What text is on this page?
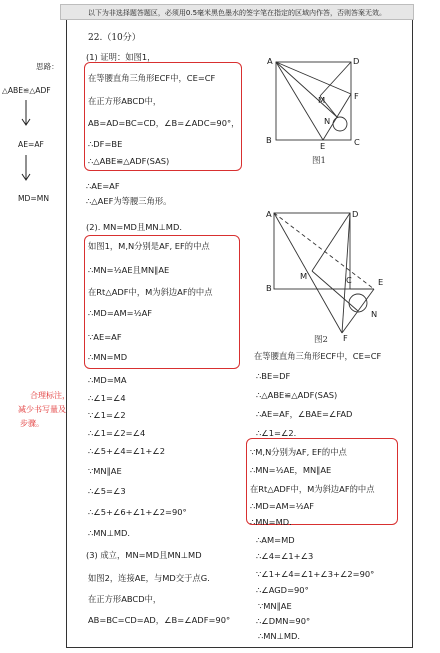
以下为非选择题答题区，必须用0.5毫米黑色墨水的签字笔在指定的区域内作答，否则答案无效。
思路：
△ABE≌△ADF
AE=AF
MD=MN
合理标注，
减少书写量及
步骤。
22.（10分）
(1) 证明：如图1，
在等腰直角三角形ECF中，CE=CF
在正方形ABCD中，
AB=AD=BC=CD，∠B=∠ADC=90°，
∴DF=BE
∴△ABE≌△ADF(SAS)
∴AE=AF
∴△AEF为等腰三角形。
(2). MN=MD且MN⊥MD.
如图1，M,N分别是AF, EF的中点
∴MN=½AE且MN∥AE
在Rt△ADF中，M为斜边AF的中点
∴MD=AM=½AF
∵AE=AF
∴MN=MD
∴MD=MA
∴∠1=∠4
∵∠1=∠2
∴∠1=∠2=∠4
∴∠5+∠4=∠1+∠2
∵MN∥AE
∴∠5=∠3
∴∠5+∠6+∠1+∠2=90°
∴MN⊥MD.
(3) 成立，MN=MD且MN⊥MD
如图2，连接AE，与MD交于点G.
在正方形ABCD中，
AB=BC=CD=AD，∠B=∠ADF=90°
在等腰直角三角形ECF中，CE=CF
∴BE=DF
∴△ABE≌△ADF(SAS)
∴AE=AF，∠BAE=∠FAD
∴∠1=∠2.
∵M,N分别为AF, EF的中点
∴MN=½AE，MN∥AE
在Rt△ADF中，M为斜边AF的中点
∴MD=AM=½AF
∴MN=MD.
∴AM=MD
∴∠4=∠1+∠3
∵∠1+∠4=∠1+∠3+∠2=90°
∴∠AGD=90°
∵MN∥AE
∴∠DMN=90°
∴MN⊥MD.
A	D
F
M
N
B
E	C
图1
A	D
M
B
C	E
N
F
图2
